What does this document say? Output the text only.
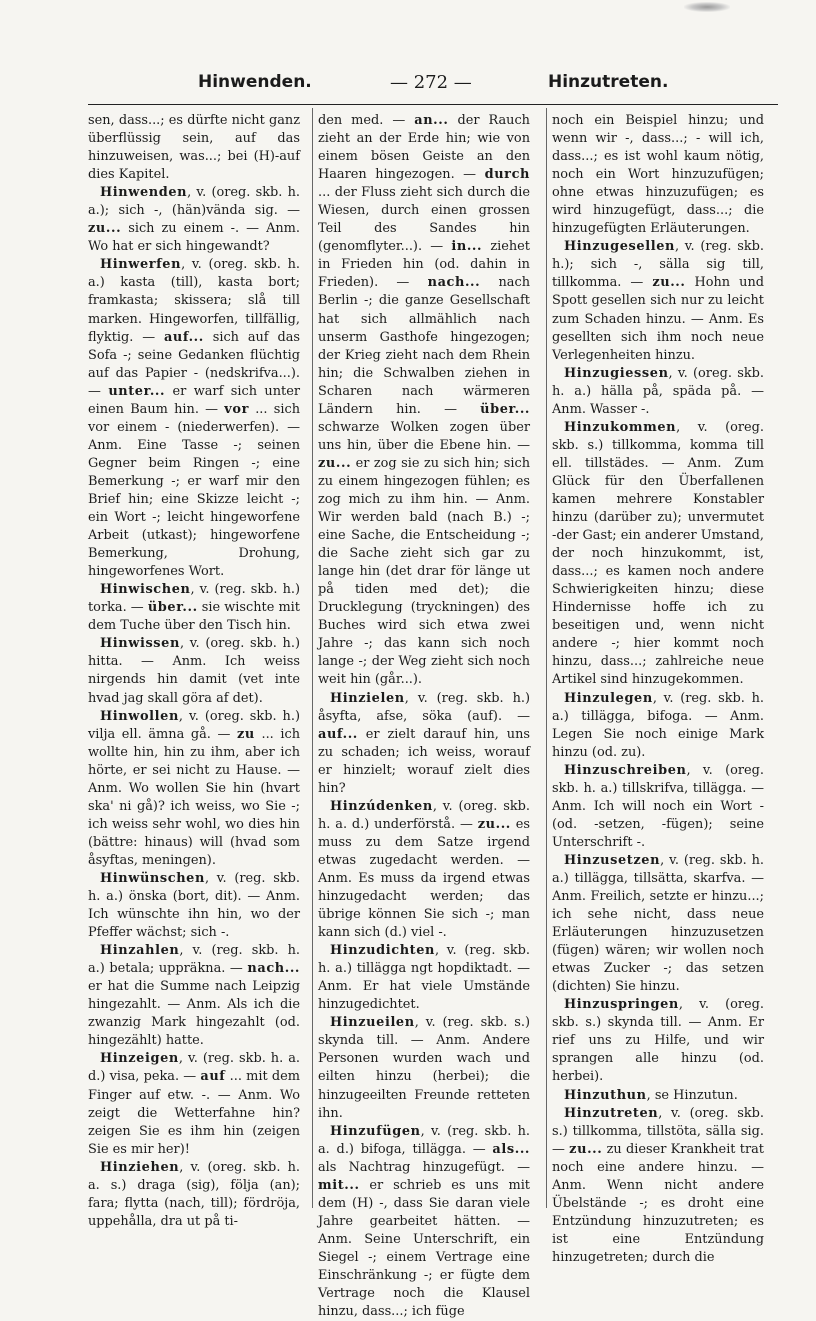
Hinwenden.	— 272 —	Hinzutreten.

sen, dass...; es dürfte nicht ganz überflüssig sein, auf das hinzuweisen, was...; bei (H)-auf dies Kapitel.

Hinwenden, v. (oreg. skb. h. a.); sich -, (hän)vända sig. — zu... sich zu einem -. — Anm. Wo hat er sich hingewandt?

Hinwerfen, v. (oreg. skb. h. a.) kasta (till), kasta bort; framkasta; skissera; slå till marken. Hingeworfen, tillfällig, flyktig. — auf... sich auf das Sofa -; seine Gedanken flüchtig auf das Papier - (nedskrifva...). — unter... er warf sich unter einen Baum hin. — vor ... sich vor einem - (niederwerfen). — Anm. Eine Tasse -; seinen Gegner beim Ringen -; eine Bemerkung -; er warf mir den Brief hin; eine Skizze leicht -; ein Wort -; leicht hingeworfene Arbeit (utkast); hingeworfene Bemerkung, Drohung, hingeworfenes Wort.

Hinwischen, v. (reg. skb. h.) torka. — über... sie wischte mit dem Tuche über den Tisch hin.

Hinwissen, v. (oreg. skb. h.) hitta. — Anm. Ich weiss nirgends hin damit (vet inte hvad jag skall göra af det).

Hinwollen, v. (oreg. skb. h.) vilja ell. ämna gå. — zu ... ich wollte hin, hin zu ihm, aber ich hörte, er sei nicht zu Hause. — Anm. Wo wollen Sie hin (hvart ska' ni gå)? ich weiss, wo Sie -; ich weiss sehr wohl, wo dies hin (bättre: hinaus) will (hvad som åsyftas, meningen).

Hinwünschen, v. (reg. skb. h. a.) önska (bort, dit). — Anm. Ich wünschte ihn hin, wo der Pfeffer wächst; sich -.

Hinzahlen, v. (reg. skb. h. a.) betala; uppräkna. — nach... er hat die Summe nach Leipzig hingezahlt. — Anm. Als ich die zwanzig Mark hingezahlt (od. hingezählt) hatte.

Hinzeigen, v. (reg. skb. h. a. d.) visa, peka. — auf ... mit dem Finger auf etw. -. — Anm. Wo zeigt die Wetterfahne hin? zeigen Sie es ihm hin (zeigen Sie es mir her)!

Hinziehen, v. (oreg. skb. h. a. s.) draga (sig), följa (an); fara; flytta (nach, till); fördröja, uppehålla, dra ut på ti-

den med. — an... der Rauch zieht an der Erde hin; wie von einem bösen Geiste an den Haaren hingezogen. — durch ... der Fluss zieht sich durch die Wiesen, durch einen grossen Teil des Sandes hin (genomflyter...). — in... ziehet in Frieden hin (od. dahin in Frieden). — nach... nach Berlin -; die ganze Gesellschaft hat sich allmählich nach unserm Gasthofe hingezogen; der Krieg zieht nach dem Rhein hin; die Schwalben ziehen in Scharen nach wärmeren Ländern hin. — über... schwarze Wolken zogen über uns hin, über die Ebene hin. — zu... er zog sie zu sich hin; sich zu einem hingezogen fühlen; es zog mich zu ihm hin. — Anm. Wir werden bald (nach B.) -; eine Sache, die Entscheidung -; die Sache zieht sich gar zu lange hin (det drar för länge ut på tiden med det); die Drucklegung (tryckningen) des Buches wird sich etwa zwei Jahre -; das kann sich noch lange -; der Weg zieht sich noch weit hin (går...).

Hinzielen, v. (reg. skb. h.) åsyfta, afse, söka (auf). — auf... er zielt darauf hin, uns zu schaden; ich weiss, worauf er hinzielt; worauf zielt dies hin?

Hinzúdenken, v. (oreg. skb. h. a. d.) underförstå. — zu... es muss zu dem Satze irgend etwas zugedacht werden. — Anm. Es muss da irgend etwas hinzugedacht werden; das übrige können Sie sich -; man kann sich (d.) viel -.

Hinzudichten, v. (reg. skb. h. a.) tillägga ngt hopdiktadt. — Anm. Er hat viele Umstände hinzugedichtet.

Hinzueilen, v. (reg. skb. s.) skynda till. — Anm. Andere Personen wurden wach und eilten hinzu (herbei); die hinzugeeilten Freunde retteten ihn.

Hinzufügen, v. (reg. skb. h. a. d.) bifoga, tillägga. — als... als Nachtrag hinzugefügt. — mit... er schrieb es uns mit dem (H) -, dass Sie daran viele Jahre gearbeitet hätten. — Anm. Seine Unterschrift, ein Siegel -; einem Vertrage eine Einschränkung -; er fügte dem Vertrage noch die Klausel hinzu, dass...; ich füge

noch ein Beispiel hinzu; und wenn wir -, dass...; - will ich, dass...; es ist wohl kaum nötig, noch ein Wort hinzuzufügen; ohne etwas hinzuzufügen; es wird hinzugefügt, dass...; die hinzugefügten Erläuterungen.

Hinzugesellen, v. (reg. skb. h.); sich -, sälla sig till, tillkomma. — zu... Hohn und Spott gesellen sich nur zu leicht zum Schaden hinzu. — Anm. Es gesellten sich ihm noch neue Verlegenheiten hinzu.

Hinzugiessen, v. (oreg. skb. h. a.) hälla på, späda på. — Anm. Wasser -.

Hinzukommen, v. (oreg. skb. s.) tillkomma, komma till ell. tillstädes. — Anm. Zum Glück für den Überfallenen kamen mehrere Konstabler hinzu (darüber zu); unvermutet -der Gast; ein anderer Umstand, der noch hinzukommt, ist, dass...; es kamen noch andere Schwierigkeiten hinzu; diese Hindernisse hoffe ich zu beseitigen und, wenn nicht andere -; hier kommt noch hinzu, dass...; zahlreiche neue Artikel sind hinzugekommen.

Hinzulegen, v. (reg. skb. h. a.) tillägga, bifoga. — Anm. Legen Sie noch einige Mark hinzu (od. zu).

Hinzuschreiben, v. (oreg. skb. h. a.) tillskrifva, tillägga. — Anm. Ich will noch ein Wort - (od. -setzen, -fügen); seine Unterschrift -.

Hinzusetzen, v. (reg. skb. h. a.) tillägga, tillsätta, skarfva. — Anm. Freilich, setzte er hinzu...; ich sehe nicht, dass neue Erläuterungen hinzuzusetzen (fügen) wären; wir wollen noch etwas Zucker -; das setzen (dichten) Sie hinzu.

Hinzuspringen, v. (oreg. skb. s.) skynda till. — Anm. Er rief uns zu Hilfe, und wir sprangen alle hinzu (od. herbei).

Hinzuthun, se Hinzutun.

Hinzutreten, v. (oreg. skb. s.) tillkomma, tillstöta, sälla sig. — zu... zu dieser Krankheit trat noch eine andere hinzu. — Anm. Wenn nicht andere Übelstände -; es droht eine Entzündung hinzuzutreten; es ist eine Entzündung hinzugetreten; durch die
